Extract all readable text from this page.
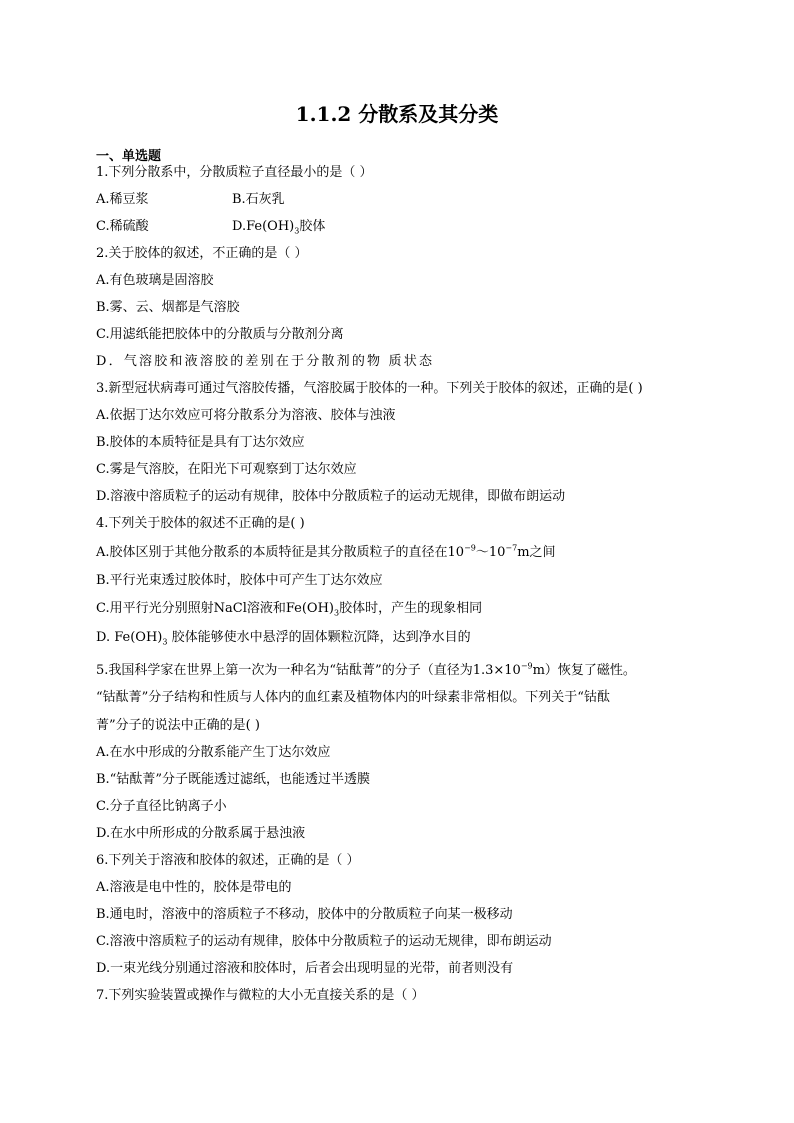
1.1.2 分散系及其分类
一、单选题
1.下列分散系中，分散质粒子直径最小的是（ ）
A.稀豆浆	B.石灰乳
C.稀硫酸	$D.Fe(OH)_3$胶体
2.关于胶体的叙述，不正确的是（ ）
A.有色玻璃是固溶胶
B.雾、云、烟都是气溶胶
C.用滤纸能把胶体中的分散质与分散剂分离
D．气溶胶和液溶胶的差别在于分散剂的物 质状态
3.新型冠状病毒可通过气溶胶传播，气溶胶属于胶体的一种。下列关于胶体的叙述，正确的是( )
A.依据丁达尔效应可将分散系分为溶液、胶体与浊液
B.胶体的本质特征是具有丁达尔效应
C.雾是气溶胶，在阳光下可观察到丁达尔效应
D.溶液中溶质粒子的运动有规律，胶体中分散质粒子的运动无规律，即做布朗运动
4.下列关于胶体的叙述不正确的是( )
A.胶体区别于其他分散系的本质特征是其分散质粒子的直径在$10^{-9}\sim 10^{-7}m$之间
B.平行光束透过胶体时，胶体中可产生丁达尔效应
C.用平行光分别照射NaCl溶液和$Fe(OH)_3$胶体时，产生的现象相同
D. $Fe(OH)_3$ 胶体能够使水中悬浮的固体颗粒沉降，达到净水目的
5.我国科学家在世界上第一次为一种名为“钴酞菁”的分子（直径为$1.3\times 10^{-9}m$）恢复了磁性。
“钴酞菁”分子结构和性质与人体内的血红素及植物体内的叶绿素非常相似。下列关于“钴酞
菁”分子的说法中正确的是( )
A.在水中形成的分散系能产生丁达尔效应
B.“钴酞菁”分子既能透过滤纸，也能透过半透膜
C.分子直径比钠离子小
D.在水中所形成的分散系属于悬浊液
6.下列关于溶液和胶体的叙述，正确的是（ ）
A.溶液是电中性的，胶体是带电的
B.通电时，溶液中的溶质粒子不移动，胶体中的分散质粒子向某一极移动
C.溶液中溶质粒子的运动有规律，胶体中分散质粒子的运动无规律，即布朗运动
D.一束光线分别通过溶液和胶体时，后者会出现明显的光带，前者则没有
7.下列实验装置或操作与微粒的大小无直接关系的是（ ）
